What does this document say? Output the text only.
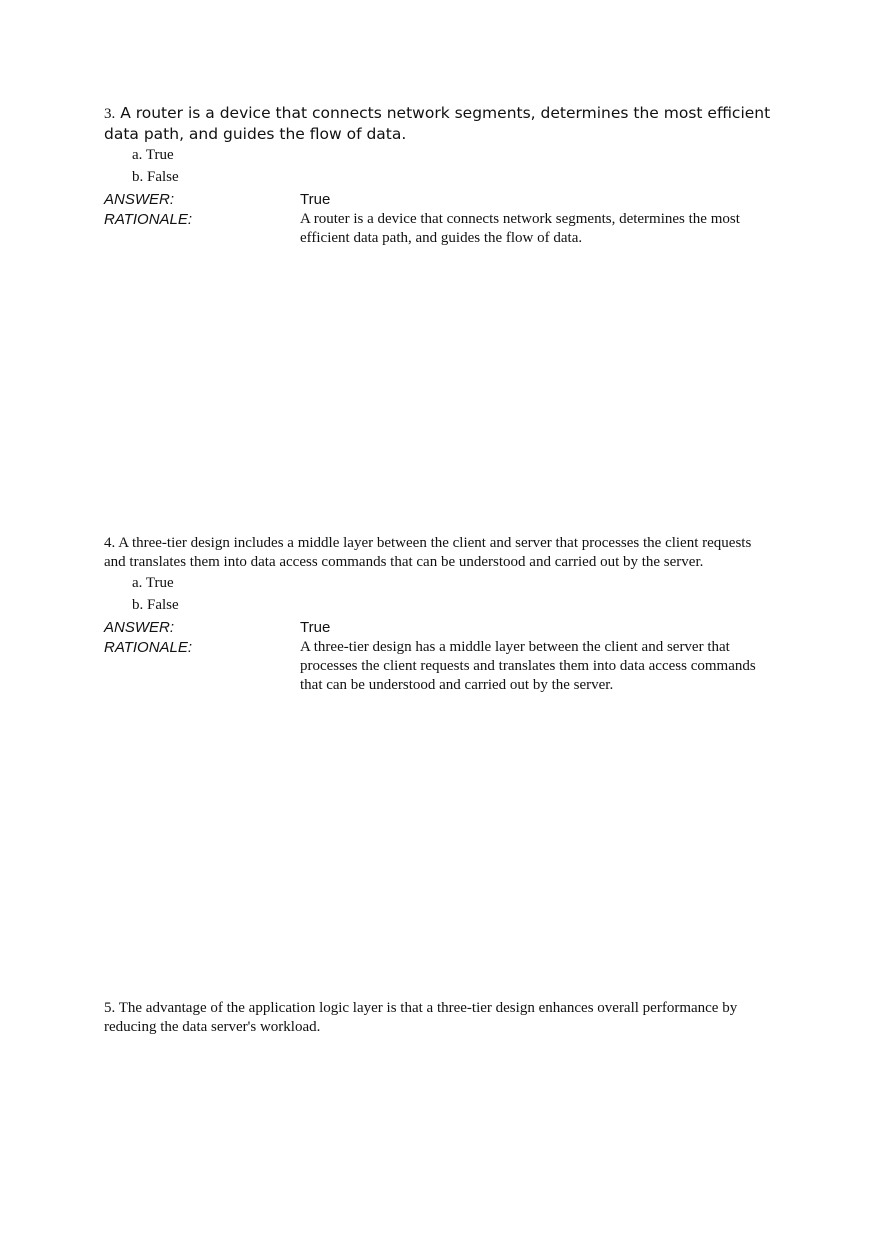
3. A router is a device that connects network segments, determines the most efficient data path, and guides the flow of data.

a. True
b. False
ANSWER:	True
RATIONALE:	A router is a device that connects network segments, determines the most efficient data path, and guides the flow of data.

4. A three-tier design includes a middle layer between the client and server that processes the client requests and translates them into data access commands that can be understood and carried out by the server.

a. True
b. False
ANSWER:	True
RATIONALE:	A three-tier design has a middle layer between the client and server that processes the client requests and translates them into data access commands that can be understood and carried out by the server.

5. The advantage of the application logic layer is that a three-tier design enhances overall performance by reducing the data server's workload.
